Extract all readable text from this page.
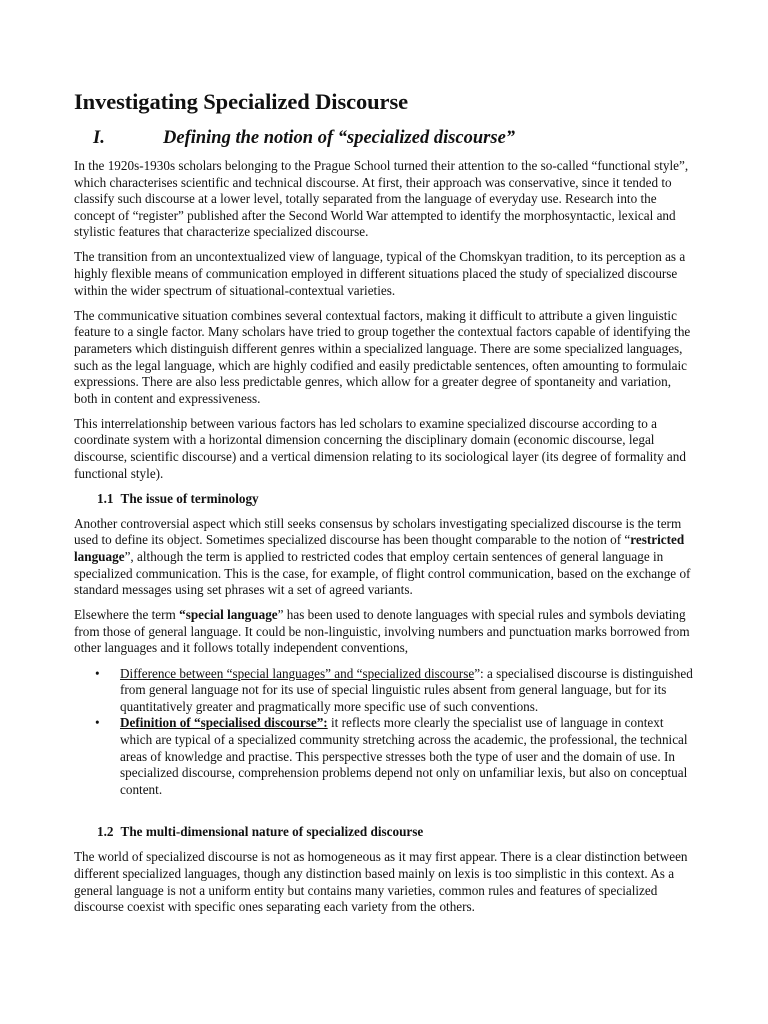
Investigating Specialized Discourse
I.	Defining the notion of “specialized discourse”

In the 1920s-1930s scholars belonging to the Prague School turned their attention to the so-called “functional style”, which characterises scientific and technical discourse. At first, their approach was conservative, since it tended to classify such discourse at a lower level, totally separated from the language of everyday use. Research into the concept of “register” published after the Second World War attempted to identify the morphosyntactic, lexical and stylistic features that characterize specialized discourse.

The transition from an uncontextualized view of language, typical of the Chomskyan tradition, to its perception as a highly flexible means of communication employed in different situations placed the study of specialized discourse within the wider spectrum of situational-contextual varieties.

The communicative situation combines several contextual factors, making it difficult to attribute a given linguistic feature to a single factor. Many scholars have tried to group together the contextual factors capable of identifying the parameters which distinguish different genres within a specialized language. There are some specialized languages, such as the legal language, which are highly codified and easily predictable sentences, often amounting to formulaic expressions. There are also less predictable genres, which allow for a greater degree of spontaneity and variation, both in content and expressiveness.

This interrelationship between various factors has led scholars to examine specialized discourse according to a coordinate system with a horizontal dimension concerning the disciplinary domain (economic discourse, legal discourse, scientific discourse) and a vertical dimension relating to its sociological layer (its degree of formality and functional style).

1.1 The issue of terminology

Another controversial aspect which still seeks consensus by scholars investigating specialized discourse is the term used to define its object. Sometimes specialized discourse has been thought comparable to the notion of “restricted language”, although the term is applied to restricted codes that employ certain sentences of general language in specialized communication. This is the case, for example, of flight control communication, based on the exchange of standard messages using set phrases wit a set of agreed variants.

Elsewhere the term “special language” has been used to denote languages with special rules and symbols deviating from those of general language. It could be non-linguistic, involving numbers and punctuation marks borrowed from other languages and it follows totally independent conventions,

• Difference between “special languages” and “specialized discourse”: a specialised discourse is distinguished from general language not for its use of special linguistic rules absent from general language, but for its quantitatively greater and pragmatically more specific use of such conventions.
• Definition of “specialised discourse”: it reflects more clearly the specialist use of language in context which are typical of a specialized community stretching across the academic, the professional, the technical areas of knowledge and practise. This perspective stresses both the type of user and the domain of use. In specialized discourse, comprehension problems depend not only on unfamiliar lexis, but also on conceptual content.
1.2 The multi-dimensional nature of specialized discourse

The world of specialized discourse is not as homogeneous as it may first appear. There is a clear distinction between different specialized languages, though any distinction based mainly on lexis is too simplistic in this context. As a general language is not a uniform entity but contains many varieties, common rules and features of specialized discourse coexist with specific ones separating each variety from the others.
